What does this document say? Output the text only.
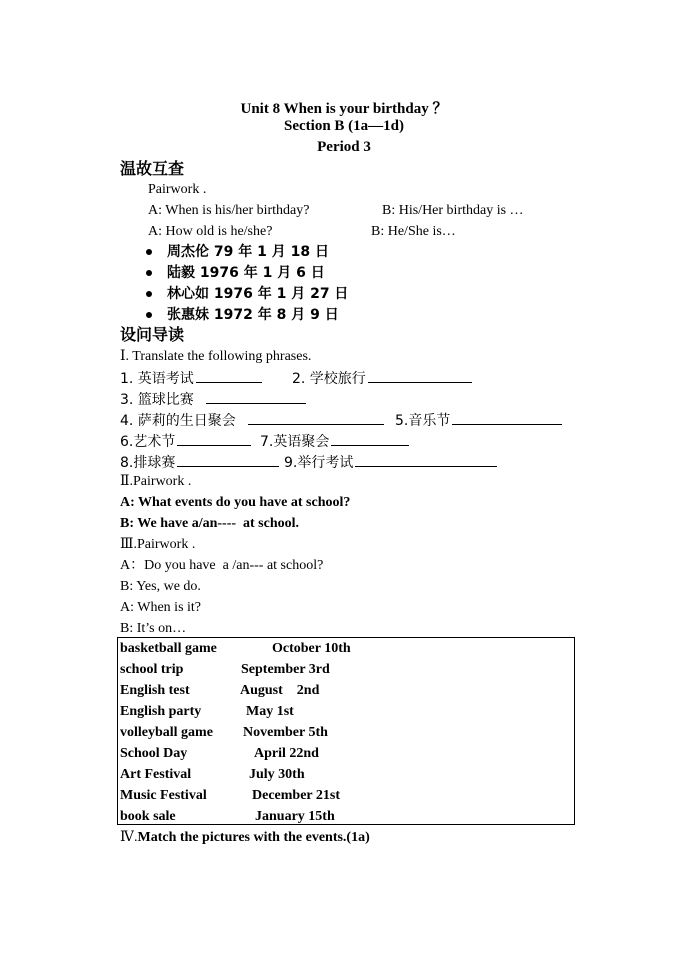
Unit 8 When is your birthday ？
Section B (1a—1d)
Period 3
温故互查
Pairwork .
A: When is his/her birthday?	B: His/Her birthday is …
A: How old is he/she?	B: He/She is…
周杰伦 79 年 1 月 18 日
陆毅 1976 年 1 月 6 日
林心如 1976 年 1 月 27 日
张惠妹 1972 年 8 月 9 日
设问导读
Ⅰ. Translate the following phrases.
1. 英语考试	2. 学校旅行
3. 篮球比赛
4. 萨莉的生日聚会	5.音乐节
6.艺术节	7.英语聚会
8.排球赛	9.举行考试
Ⅱ.Pairwork .
A: What events do you have at school?
B: We have a/an----  at school.
Ⅲ.Pairwork .
A：Do you have  a /an--- at school?
B: Yes, we do.
A: When is it?
B: It’s on…
basketball game	October 10th
school trip	September 3rd
English test	August    2nd
English party	May 1st
volleyball game November 5th
School Day	April 22nd
Art Festival	July 30th
Music Festival	December 21st
book sale	January 15th
Ⅳ.Match the pictures with the events.(1a)
